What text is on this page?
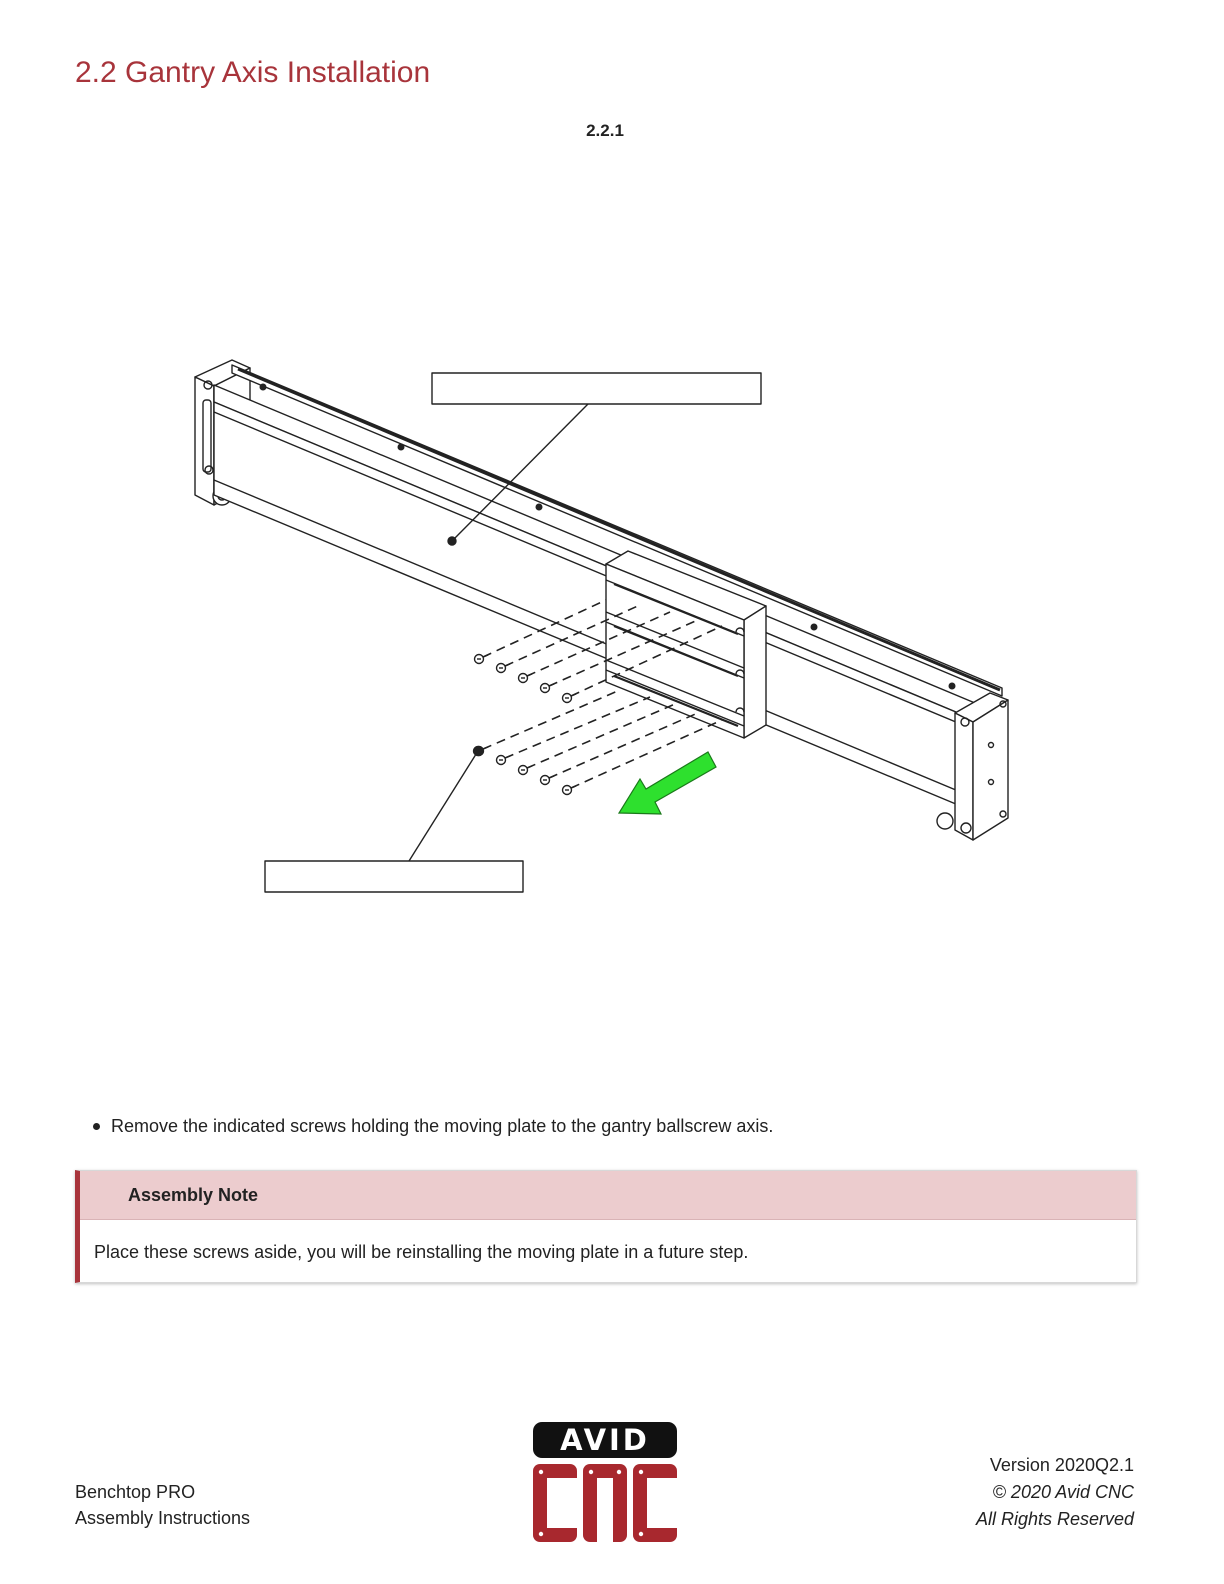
2.2 Gantry Axis Installation
2.2.1
Remove the indicated screws holding the moving plate to the gantry ballscrew axis.
Assembly Note
Place these screws aside, you will be reinstalling the moving plate in a future step.
Benchtop PRO
Assembly Instructions
AVID
Version 2020Q2.1
© 2020 Avid CNC
All Rights Reserved
